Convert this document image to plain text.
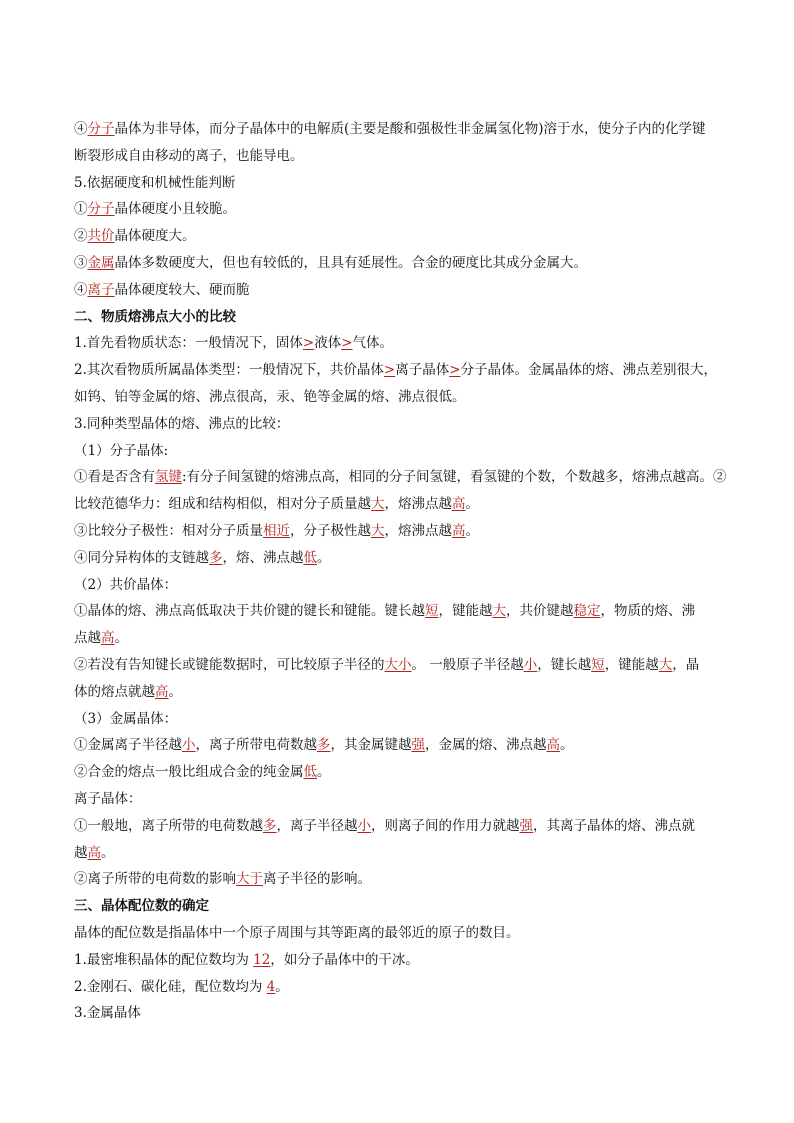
④分子晶体为非导体，而分子晶体中的电解质(主要是酸和强极性非金属氢化物)溶于水，使分子内的化学键
断裂形成自由移动的离子，也能导电。
5.依据硬度和机械性能判断
①分子晶体硬度小且较脆。
②共价晶体硬度大。
③金属晶体多数硬度大，但也有较低的，且具有延展性。合金的硬度比其成分金属大。
④离子晶体硬度较大、硬而脆
二、物质熔沸点大小的比较
1.首先看物质状态：一般情况下，固体>液体>气体。
2.其次看物质所属晶体类型：一般情况下，共价晶体>离子晶体>分子晶体。金属晶体的熔、沸点差别很大，
如钨、铂等金属的熔、沸点很高，汞、铯等金属的熔、沸点很低。
3.同种类型晶体的熔、沸点的比较：
（1）分子晶体:
①看是否含有氢键:有分子间氢键的熔沸点高，相同的分子间氢键，看氢键的个数，个数越多，熔沸点越高。②
比较范德华力：组成和结构相似，相对分子质量越大，熔沸点越高。
③比较分子极性：相对分子质量相近，分子极性越大，熔沸点越高。
④同分异构体的支链越多，熔、沸点越低。
（2）共价晶体：
①晶体的熔、沸点高低取决于共价键的键长和键能。键长越短，键能越大，共价键越稳定，物质的熔、沸
点越高。
②若没有告知键长或键能数据时，可比较原子半径的大小。 一般原子半径越小，键长越短，键能越大，晶
体的熔点就越高。
（3）金属晶体：
①金属离子半径越小，离子所带电荷数越多，其金属键越强，金属的熔、沸点越高。
②合金的熔点一般比组成合金的纯金属低。
离子晶体：
①一般地，离子所带的电荷数越多，离子半径越小，则离子间的作用力就越强，其离子晶体的熔、沸点就
越高。
②离子所带的电荷数的影响大于离子半径的影响。
三、晶体配位数的确定
晶体的配位数是指晶体中一个原子周围与其等距离的最邻近的原子的数目。
1.最密堆积晶体的配位数均为 12，如分子晶体中的干冰。
2.金刚石、碳化硅，配位数均为 4。
3.金属晶体
